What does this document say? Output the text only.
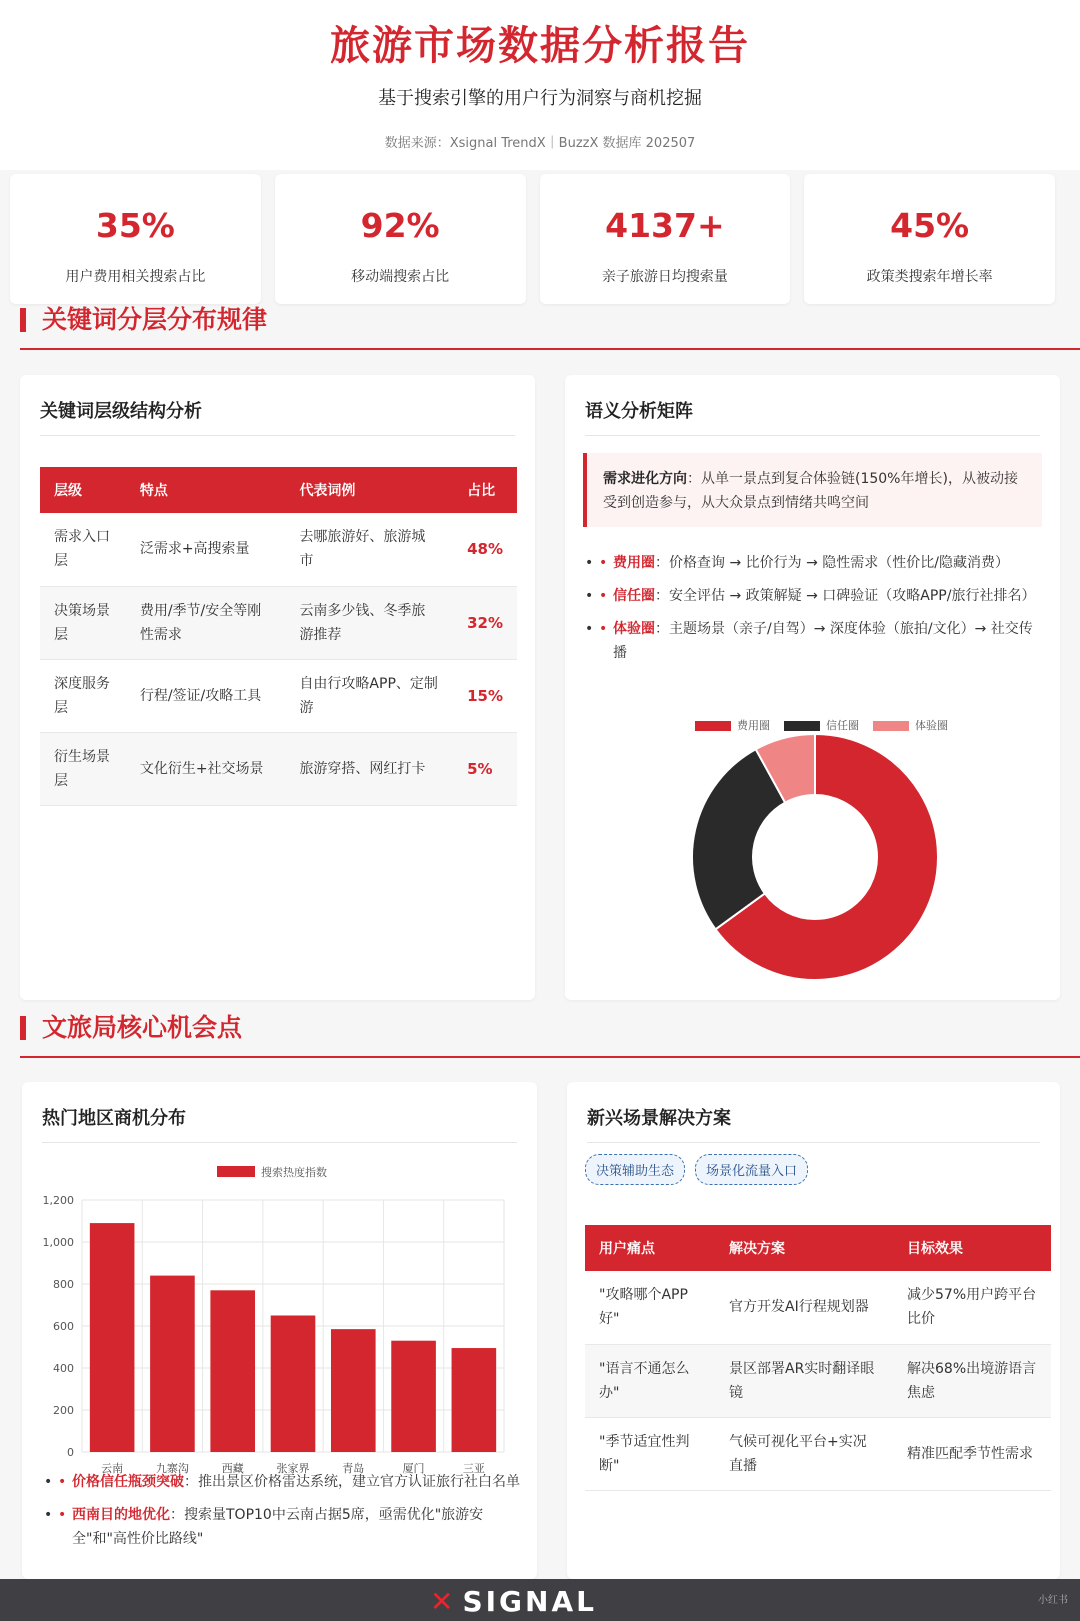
旅游市场数据分析报告
基于搜索引擎的用户行为洞察与商机挖掘
数据来源：Xsignal TrendX｜BuzzX 数据库 202507
35%
用户费用相关搜索占比
92%
移动端搜索占比
4137+
亲子旅游日均搜索量
45%
政策类搜索年增长率
关键词分层分布规律
关键词层级结构分析
层级	特点	代表词例	占比
需求入口层	泛需求+高搜索量	去哪旅游好、旅游城市	48%
决策场景层	费用/季节/安全等刚性需求	云南多少钱、冬季旅游推荐	32%
深度服务层	行程/签证/攻略工具	自由行攻略APP、定制游	15%
衍生场景层	文化衍生+社交场景	旅游穿搭、网红打卡	5%
语义分析矩阵
需求进化方向：从单一景点到复合体验链(150%年增长)，从被动接受到创造参与，从大众景点到情绪共鸣空间
• 费用圈：价格查询 → 比价行为 → 隐性需求（性价比/隐藏消费） •
• 信任圈：安全评估 → 政策解疑 → 口碑验证（攻略APP/旅行社排名） •
• 体验圈：主题场景（亲子/自驾）→ 深度体验（旅拍/文化）→ 社交传播 •
费用圈	信任圈	体验圈
文旅局核心机会点
热门地区商机分布
搜索热度指数
0
200
400
600
800
1,000
1,200
云南	九寨沟	西藏	张家界	青岛	厦门	三亚
• 价格信任瓶颈突破：推出景区价格雷达系统，建立官方认证旅行社白名单 •
• 西南目的地优化：搜索量TOP10中云南占据5席，亟需优化"旅游安全"和"高性价比路线" •
新兴场景解决方案
决策辅助生态	场景化流量入口
用户痛点	解决方案	目标效果
"攻略哪个APP好"	官方开发AI行程规划器	减少57%用户跨平台比价
"语言不通怎么办"	景区部署AR实时翻译眼镜	解决68%出境游语言焦虑
"季节适宜性判断"	气候可视化平台+实况直播	精准匹配季节性需求
✕ SIGNAL	小红书
